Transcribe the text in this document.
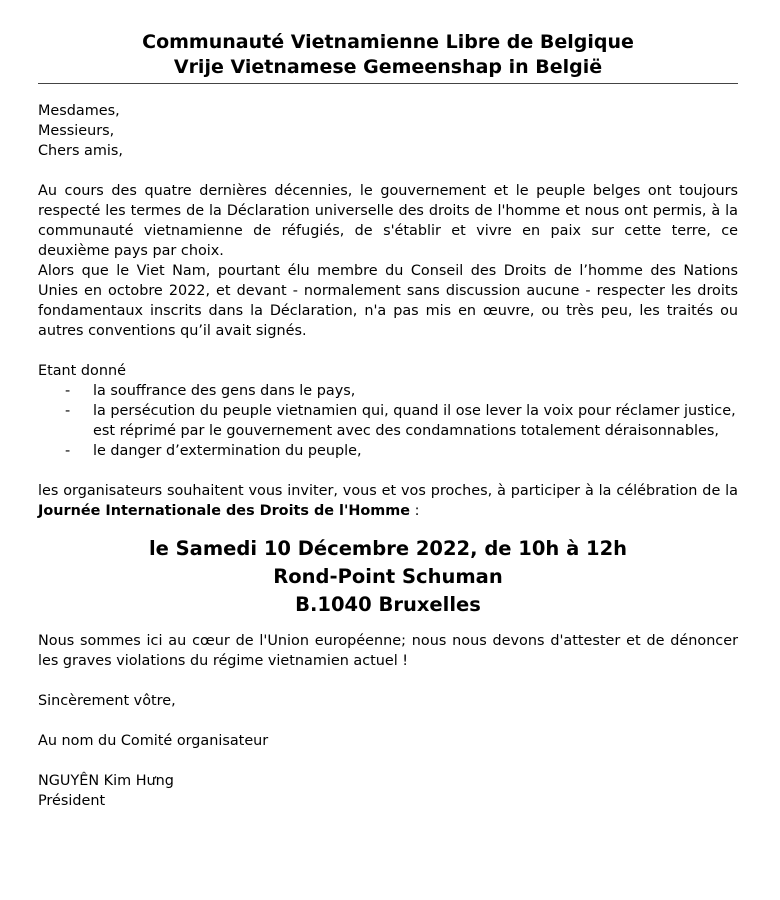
Communauté Vietnamienne Libre de Belgique
Vrije Vietnamese Gemeenshap in België

Mesdames,

Messieurs,

Chers amis,

Au cours des quatre dernières décennies, le gouvernement et le peuple belges ont toujours respecté les termes de la Déclaration universelle des droits de l'homme et nous ont permis, à la communauté vietnamienne de réfugiés, de s'établir et vivre en paix sur cette terre, ce deuxième pays par choix.

Alors que le Viet Nam, pourtant élu membre du Conseil des Droits de l’homme des Nations Unies en octobre 2022, et devant - normalement sans discussion aucune - respecter les droits fondamentaux inscrits dans la Déclaration, n'a pas mis en œuvre, ou très peu, les traités ou autres conventions qu’il avait signés.

Etant donné

- la souffrance des gens dans le pays,
- la persécution du peuple vietnamien qui, quand il ose lever la voix pour réclamer justice, est réprimé par le gouvernement avec des condamnations totalement déraisonnables,
- le danger d’extermination du peuple,

les organisateurs souhaitent vous inviter, vous et vos proches, à participer à la célébration de la Journée Internationale des Droits de l'Homme :

le Samedi 10 Décembre 2022, de 10h à 12h
Rond-Point Schuman
B.1040 Bruxelles

Nous sommes ici au cœur de l'Union européenne; nous nous devons d'attester et de dénoncer les graves violations du régime vietnamien actuel !

Sincèrement vôtre,

Au nom du Comité organisateur

NGUYÊN Kim Hưng

Président
